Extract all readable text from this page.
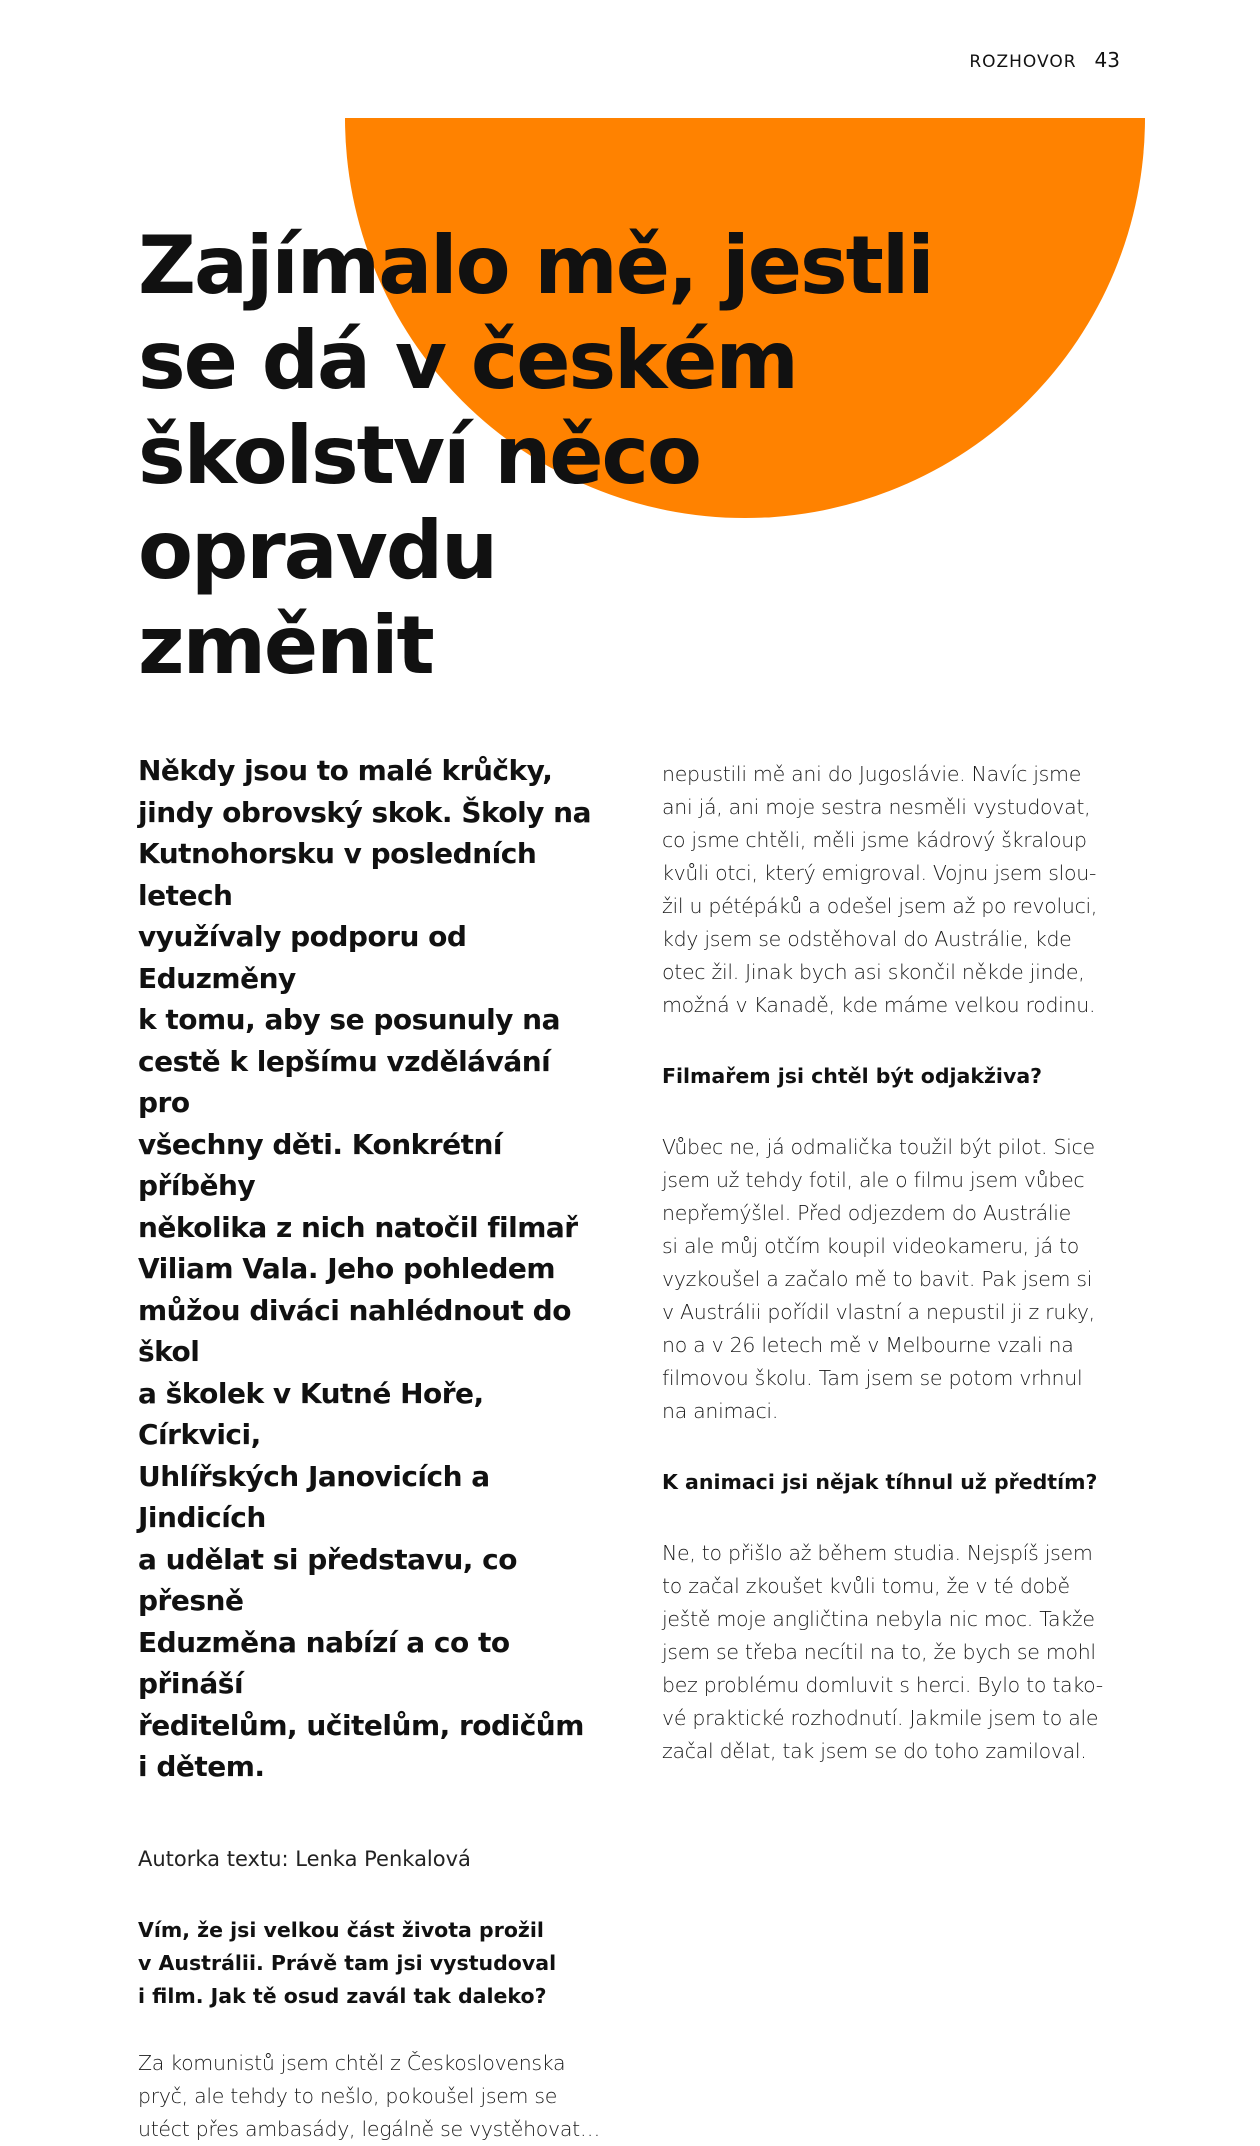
ROZHOVOR 43
Zajímalo mě, jestli
se dá v českém
školství něco opravdu
změnit

Někdy jsou to malé krůčky,
jindy obrovský skok. Školy na
Kutnohorsku v posledních letech
využívaly podporu od Eduzměny
k tomu, aby se posunuly na
cestě k lepšímu vzdělávání pro
všechny děti. Konkrétní příběhy
několika z nich natočil filmař
Viliam Vala. Jeho pohledem
můžou diváci nahlédnout do škol
a školek v Kutné Hoře, Církvici,
Uhlířských Janovicích a Jindicích
a udělat si představu, co přesně
Eduzměna nabízí a co to přináší
ředitelům, učitelům, rodičům
i dětem.

Autorka textu: Lenka Penkalová

Vím, že jsi velkou část života prožil
v Austrálii. Právě tam jsi vystudoval
i film. Jak tě osud zavál tak daleko?

Za komunistů jsem chtěl z Československa
pryč, ale tehdy to nešlo, pokoušel jsem se
utéct přes ambasády, legálně se vystěhovat…

nepustili mě ani do Jugoslávie. Navíc jsme
ani já, ani moje sestra nesměli vystudovat,
co jsme chtěli, měli jsme kádrový škraloup
kvůli otci, který emigroval. Vojnu jsem slou-
žil u pétépáků a odešel jsem až po revoluci,
kdy jsem se odstěhoval do Austrálie, kde
otec žil. Jinak bych asi skončil někde jinde,
možná v Kanadě, kde máme velkou rodinu.

Filmařem jsi chtěl být odjakživa?

Vůbec ne, já odmalička toužil být pilot. Sice
jsem už tehdy fotil, ale o filmu jsem vůbec
nepřemýšlel. Před odjezdem do Austrálie
si ale můj otčím koupil videokameru, já to
vyzkoušel a začalo mě to bavit. Pak jsem si
v Austrálii pořídil vlastní a nepustil ji z ruky,
no a v 26 letech mě v Melbourne vzali na
filmovou školu. Tam jsem se potom vrhnul
na animaci.

K animaci jsi nějak tíhnul už předtím?

Ne, to přišlo až během studia. Nejspíš jsem
to začal zkoušet kvůli tomu, že v té době
ještě moje angličtina nebyla nic moc. Takže
jsem se třeba necítil na to, že bych se mohl
bez problému domluvit s herci. Bylo to tako-
vé praktické rozhodnutí. Jakmile jsem to ale
začal dělat, tak jsem se do toho zamiloval.
